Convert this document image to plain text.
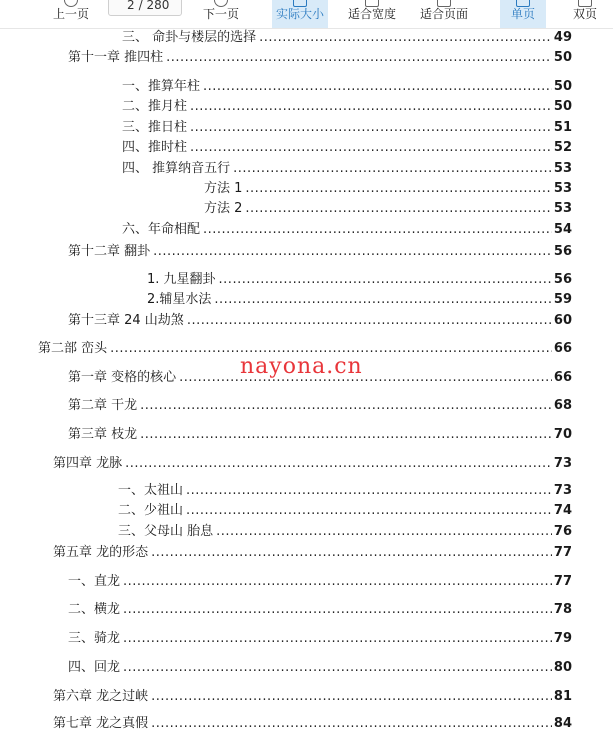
三、 命卦与楼层的选择 .....	49
第十一章 推四柱 .....	50
一、推算年柱 .....	50
二、推月柱 .....	50
三、推日柱 .....	51
四、推时柱 .....	52
四、 推算纳音五行 .....	53
方法 1 .....	53
方法 2 .....	53
六、年命相配 .....	54
第十二章 翻卦 .....	56
1. 九星翻卦 .....	56
2.辅星水法 .....	59
第十三章 24 山劫煞 .....	60
第二部 峦头 .....	66
第一章 变格的核心 .....	66
第二章 干龙 .....	68
第三章 枝龙 .....	70
第四章 龙脉 .....	73
一、太祖山 .....	73
二、少祖山 .....	74
三、父母山 胎息 .....	76
第五章 龙的形态 .....	77
一、直龙 .....	77
二、横龙 .....	78
三、骑龙 .....	79
四、回龙 .....	80
第六章 龙之过峡 .....	81
第七章 龙之真假 .....	84
nayona.cn
上一页
2
/ 280
下一页	实际大小 适合宽度 适合页面	单页	双页
